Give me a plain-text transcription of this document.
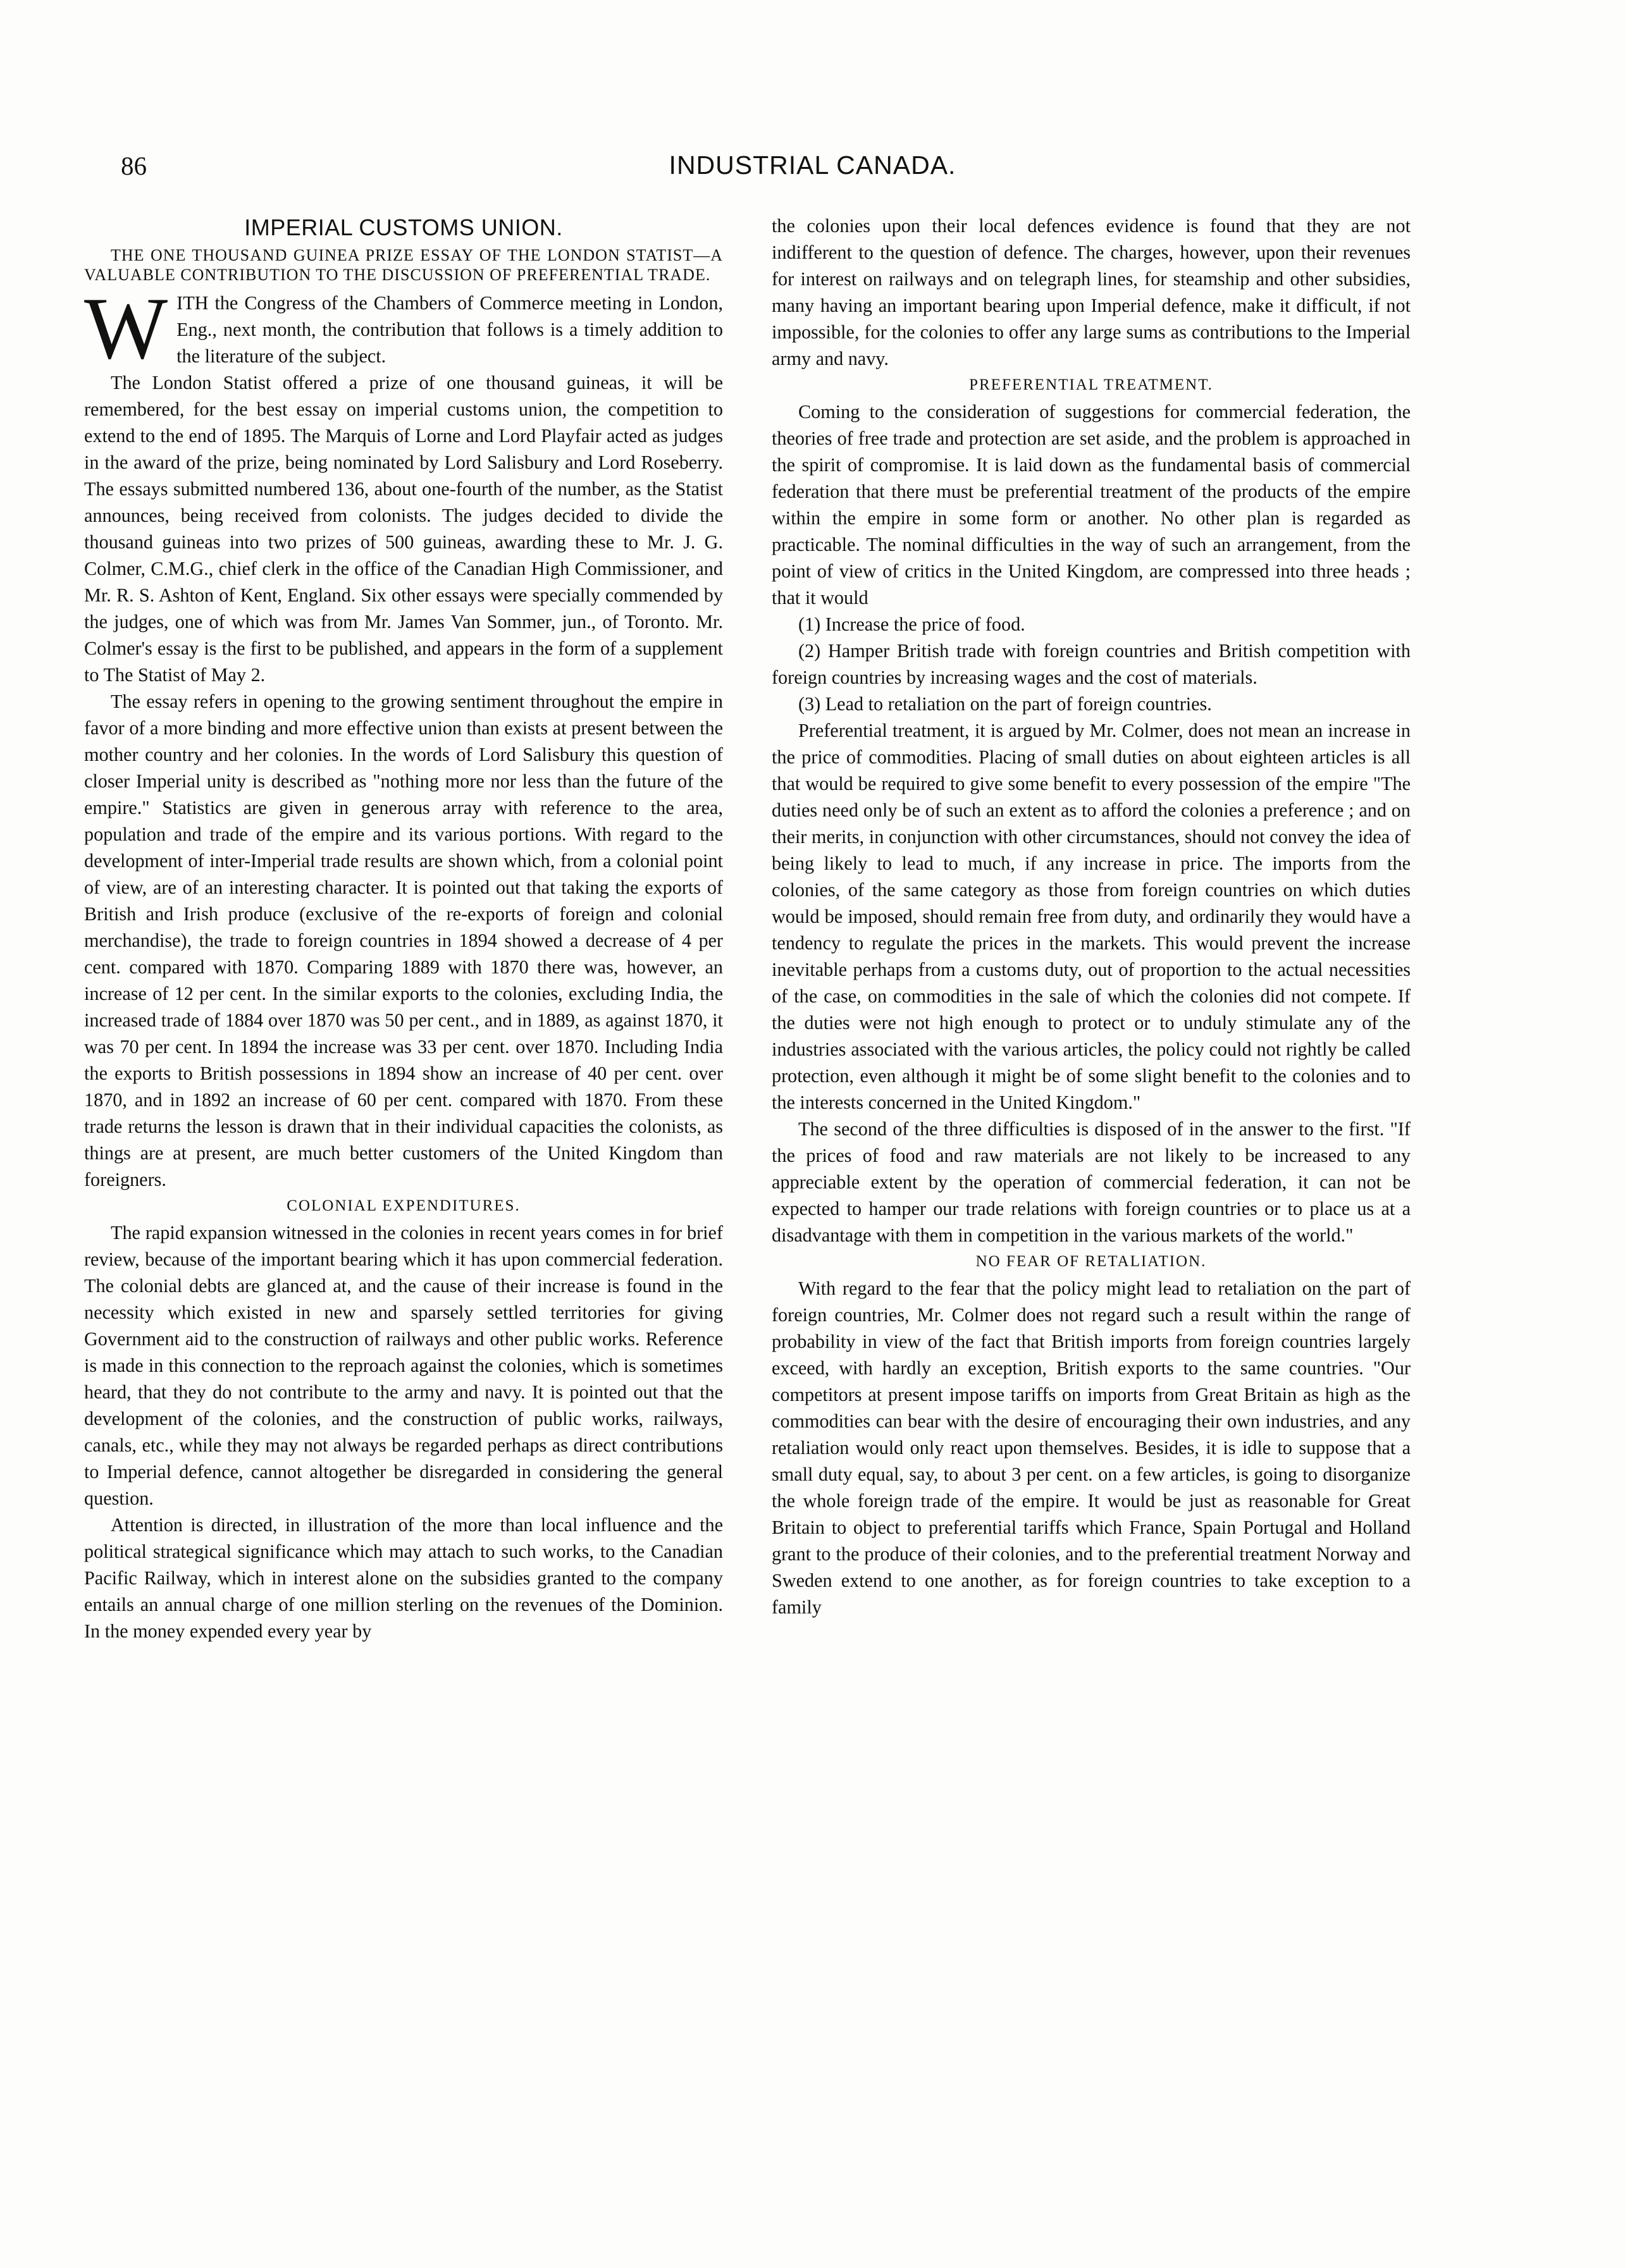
86	INDUSTRIAL CANADA.
IMPERIAL CUSTOMS UNION.

THE ONE THOUSAND GUINEA PRIZE ESSAY OF THE LONDON STATIST—A VALUABLE CONTRIBUTION TO THE DISCUSSION OF PREFERENTIAL TRADE.

WITH the Congress of the Chambers of Commerce meeting in London, Eng., next month, the contribution that follows is a timely addition to the literature of the subject.

The London Statist offered a prize of one thousand guineas, it will be remembered, for the best essay on imperial customs union, the competition to extend to the end of 1895. The Marquis of Lorne and Lord Playfair acted as judges in the award of the prize, being nominated by Lord Salisbury and Lord Roseberry. The essays submitted numbered 136, about one-fourth of the number, as the Statist announces, being received from colonists. The judges decided to divide the thousand guineas into two prizes of 500 guineas, awarding these to Mr. J. G. Colmer, C.M.G., chief clerk in the office of the Canadian High Commissioner, and Mr. R. S. Ashton of Kent, England. Six other essays were specially commended by the judges, one of which was from Mr. James Van Sommer, jun., of Toronto. Mr. Colmer's essay is the first to be published, and appears in the form of a supplement to The Statist of May 2.

The essay refers in opening to the growing sentiment throughout the empire in favor of a more binding and more effective union than exists at present between the mother country and her colonies. In the words of Lord Salisbury this question of closer Imperial unity is described as "nothing more nor less than the future of the empire." Statistics are given in generous array with reference to the area, population and trade of the empire and its various portions. With regard to the development of inter-Imperial trade results are shown which, from a colonial point of view, are of an interesting character. It is pointed out that taking the exports of British and Irish produce (exclusive of the re-exports of foreign and colonial merchandise), the trade to foreign countries in 1894 showed a decrease of 4 per cent. compared with 1870. Comparing 1889 with 1870 there was, however, an increase of 12 per cent. In the similar exports to the colonies, excluding India, the increased trade of 1884 over 1870 was 50 per cent., and in 1889, as against 1870, it was 70 per cent. In 1894 the increase was 33 per cent. over 1870. Including India the exports to British possessions in 1894 show an increase of 40 per cent. over 1870, and in 1892 an increase of 60 per cent. compared with 1870. From these trade returns the lesson is drawn that in their individual capacities the colonists, as things are at present, are much better customers of the United Kingdom than foreigners.

COLONIAL EXPENDITURES.

The rapid expansion witnessed in the colonies in recent years comes in for brief review, because of the important bearing which it has upon commercial federation. The colonial debts are glanced at, and the cause of their increase is found in the necessity which existed in new and sparsely settled territories for giving Government aid to the construction of railways and other public works. Reference is made in this connection to the reproach against the colonies, which is sometimes heard, that they do not contribute to the army and navy. It is pointed out that the development of the colonies, and the construction of public works, railways, canals, etc., while they may not always be regarded perhaps as direct contributions to Imperial defence, cannot altogether be disregarded in considering the general question.

Attention is directed, in illustration of the more than local influence and the political strategical significance which may attach to such works, to the Canadian Pacific Railway, which in interest alone on the subsidies granted to the company entails an annual charge of one million sterling on the revenues of the Dominion. In the money expended every year by

the colonies upon their local defences evidence is found that they are not indifferent to the question of defence. The charges, however, upon their revenues for interest on railways and on telegraph lines, for steamship and other subsidies, many having an important bearing upon Imperial defence, make it difficult, if not impossible, for the colonies to offer any large sums as contributions to the Imperial army and navy.

PREFERENTIAL TREATMENT.

Coming to the consideration of suggestions for commercial federation, the theories of free trade and protection are set aside, and the problem is approached in the spirit of compromise. It is laid down as the fundamental basis of commercial federation that there must be preferential treatment of the products of the empire within the empire in some form or another. No other plan is regarded as practicable. The nominal difficulties in the way of such an arrangement, from the point of view of critics in the United Kingdom, are compressed into three heads ; that it would

(1) Increase the price of food.

(2) Hamper British trade with foreign countries and British competition with foreign countries by increasing wages and the cost of materials.

(3) Lead to retaliation on the part of foreign countries.

Preferential treatment, it is argued by Mr. Colmer, does not mean an increase in the price of commodities. Placing of small duties on about eighteen articles is all that would be required to give some benefit to every possession of the empire "The duties need only be of such an extent as to afford the colonies a preference ; and on their merits, in conjunction with other circumstances, should not convey the idea of being likely to lead to much, if any increase in price. The imports from the colonies, of the same category as those from foreign countries on which duties would be imposed, should remain free from duty, and ordinarily they would have a tendency to regulate the prices in the markets. This would prevent the increase inevitable perhaps from a customs duty, out of proportion to the actual necessities of the case, on commodities in the sale of which the colonies did not compete. If the duties were not high enough to protect or to unduly stimulate any of the industries associated with the various articles, the policy could not rightly be called protection, even although it might be of some slight benefit to the colonies and to the interests concerned in the United Kingdom."

The second of the three difficulties is disposed of in the answer to the first. "If the prices of food and raw materials are not likely to be increased to any appreciable extent by the operation of commercial federation, it can not be expected to hamper our trade relations with foreign countries or to place us at a disadvantage with them in competition in the various markets of the world."

NO FEAR OF RETALIATION.

With regard to the fear that the policy might lead to retaliation on the part of foreign countries, Mr. Colmer does not regard such a result within the range of probability in view of the fact that British imports from foreign countries largely exceed, with hardly an exception, British exports to the same countries. "Our competitors at present impose tariffs on imports from Great Britain as high as the commodities can bear with the desire of encouraging their own industries, and any retaliation would only react upon themselves. Besides, it is idle to suppose that a small duty equal, say, to about 3 per cent. on a few articles, is going to disorganize the whole foreign trade of the empire. It would be just as reasonable for Great Britain to object to preferential tariffs which France, Spain Portugal and Holland grant to the produce of their colonies, and to the preferential treatment Norway and Sweden extend to one another, as for foreign countries to take exception to a family
